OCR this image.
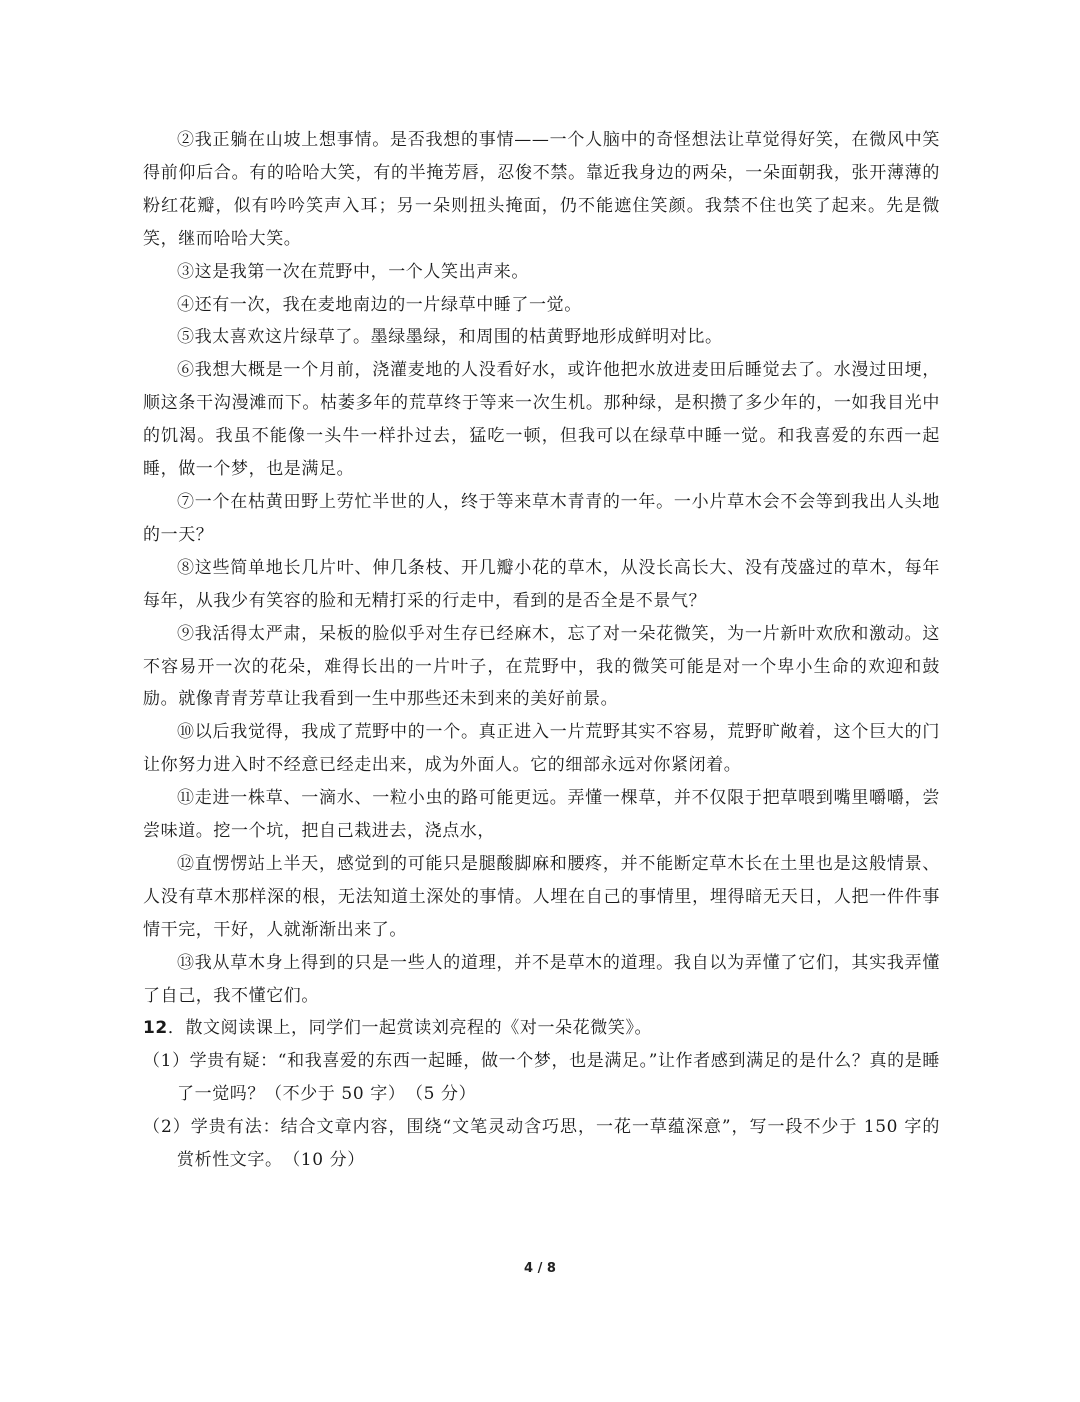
②我正躺在山坡上想事情。是否我想的事情——一个人脑中的奇怪想法让草觉得好笑，在微风中笑得前仰后合。有的哈哈大笑，有的半掩芳唇，忍俊不禁。靠近我身边的两朵，一朵面朝我，张开薄薄的粉红花瓣，似有吟吟笑声入耳；另一朵则扭头掩面，仍不能遮住笑颜。我禁不住也笑了起来。先是微笑，继而哈哈大笑。

③这是我第一次在荒野中，一个人笑出声来。

④还有一次，我在麦地南边的一片绿草中睡了一觉。

⑤我太喜欢这片绿草了。墨绿墨绿，和周围的枯黄野地形成鲜明对比。

⑥我想大概是一个月前，浇灌麦地的人没看好水，或许他把水放进麦田后睡觉去了。水漫过田埂，顺这条干沟漫滩而下。枯萎多年的荒草终于等来一次生机。那种绿，是积攒了多少年的，一如我目光中的饥渴。我虽不能像一头牛一样扑过去，猛吃一顿，但我可以在绿草中睡一觉。和我喜爱的东西一起睡，做一个梦，也是满足。

⑦一个在枯黄田野上劳忙半世的人，终于等来草木青青的一年。一小片草木会不会等到我出人头地的一天？

⑧这些简单地长几片叶、伸几条枝、开几瓣小花的草木，从没长高长大、没有茂盛过的草木，每年每年，从我少有笑容的脸和无精打采的行走中，看到的是否全是不景气？

⑨我活得太严肃，呆板的脸似乎对生存已经麻木，忘了对一朵花微笑，为一片新叶欢欣和激动。这不容易开一次的花朵，难得长出的一片叶子，在荒野中，我的微笑可能是对一个卑小生命的欢迎和鼓励。就像青青芳草让我看到一生中那些还未到来的美好前景。

⑩以后我觉得，我成了荒野中的一个。真正进入一片荒野其实不容易，荒野旷敞着，这个巨大的门让你努力进入时不经意已经走出来，成为外面人。它的细部永远对你紧闭着。

⑪走进一株草、一滴水、一粒小虫的路可能更远。弄懂一棵草，并不仅限于把草喂到嘴里嚼嚼，尝尝味道。挖一个坑，把自己栽进去，浇点水，

⑫直愣愣站上半天，感觉到的可能只是腿酸脚麻和腰疼，并不能断定草木长在土里也是这般情景、人没有草木那样深的根，无法知道土深处的事情。人埋在自己的事情里，埋得暗无天日，人把一件件事情干完，干好，人就渐渐出来了。

⑬我从草木身上得到的只是一些人的道理，并不是草木的道理。我自以为弄懂了它们，其实我弄懂了自己，我不懂它们。

12．散文阅读课上，同学们一起赏读刘亮程的《对一朵花微笑》。

（1）学贵有疑：“和我喜爱的东西一起睡，做一个梦，也是满足。”让作者感到满足的是什么？真的是睡了一觉吗？（不少于 50 字）　（5 分）

（2）学贵有法：结合文章内容，围绕“文笔灵动含巧思，一花一草蕴深意”，写一段不少于 150 字的赏析性文字。　（10 分）

4 / 8
